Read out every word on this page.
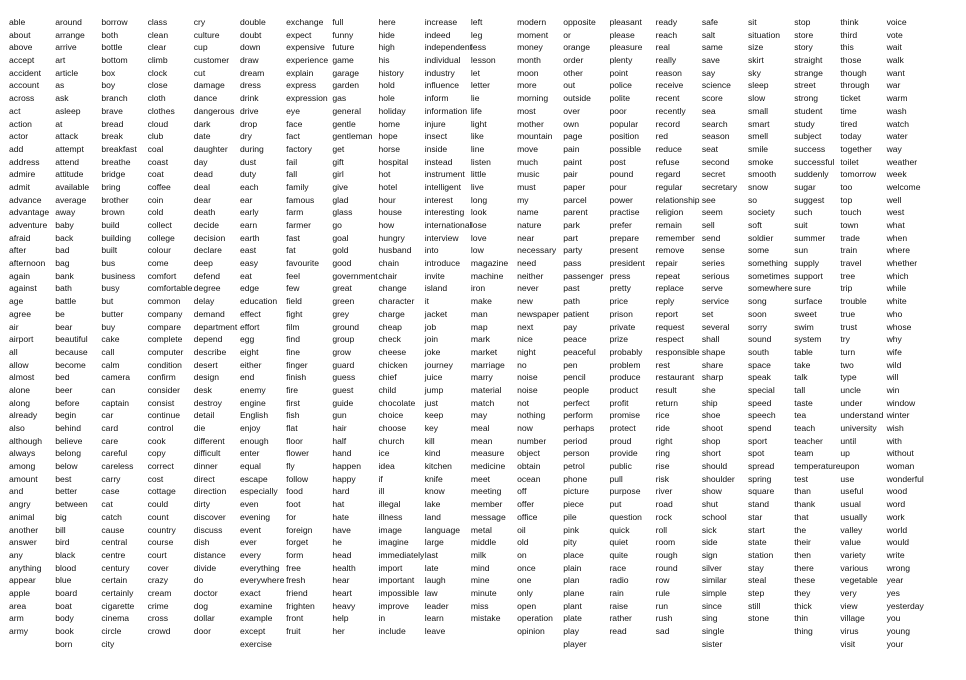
able
about
above
accept
accident
account
across
act
action
actor
add
address
admire
admit
advance
advantage
adventure
afraid
after
afternoon
again
against
age
agree
air
airport
all
allow
almost
alone
along
already
also
although
always
among
amount
and
angry
animal
another
answer
any
anything
appear
apple
area
arm
army
around
arrange
arrive
art
article
as
ask
asleep
at
attack
attempt
attend
attitude
available
average
away
baby
back
bad
bag
bank
bath
battle
be
bear
beautiful
because
become
bed
beer
before
begin
behind
believe
belong
below
best
better
between
big
bill
bird
black
blood
blue
board
boat
body
book
born
borrow
both
bottle
bottom
box
boy
branch
brave
bread
break
breakfast
breathe
bridge
bring
brother
brown
build
building
built
bus
business
busy
but
butter
buy
cake
call
calm
camera
can
captain
car
card
care
careful
careless
carry
case
cat
catch
cause
central
centre
century
certain
certainly
cigarette
cinema
circle
city
class
clean
clear
climb
clock
close
cloth
clothes
cloud
club
coal
coast
coat
coffee
coin
cold
collect
college
colour
come
comfort
comfortable
common
company
compare
complete
computer
condition
confirm
consider
consist
continue
control
cook
copy
correct
cost
cottage
could
count
country
course
court
cover
crazy
cream
crime
cross
crowd
cry
culture
cup
customer
cut
damage
dance
dangerous
dark
date
daughter
day
dead
deal
dear
death
decide
decision
declare
deep
defend
degree
delay
demand
department
depend
describe
desert
design
desk
destroy
detail
die
different
difficult
dinner
direct
direction
dirty
discover
discuss
dish
distance
divide
do
doctor
dog
dollar
door
double
doubt
down
draw
dream
dress
drink
drive
drop
dry
during
dust
duty
each
ear
early
earn
earth
east
easy
eat
edge
education
effect
effort
egg
eight
either
end
enemy
engine
English
enjoy
enough
enter
equal
escape
especially
even
evening
event
ever
every
everything
everywhere
exact
examine
example
except
exercise
exchange
expect
expensive
experience
explain
express
expression
eye
face
fact
factory
fail
fall
family
famous
farm
farmer
fast
fat
favourite
feel
few
field
fight
film
find
fine
finger
finish
fire
first
fish
flat
floor
flower
fly
follow
food
foot
for
foreign
forget
form
free
fresh
friend
frighten
front
fruit
full
funny
future
game
garage
garden
gas
general
gentle
gentleman
get
gift
girl
give
glad
glass
go
goal
gold
good
government
great
green
grey
ground
group
grow
guard
guess
guest
guide
gun
hair
half
hand
happen
happy
hard
hat
hate
have
he
head
health
hear
heart
heavy
help
her
here
hide
high
his
history
hold
hole
holiday
home
hope
horse
hospital
hot
hotel
hour
house
how
hungry
husband
chain
chair
change
character
charge
cheap
check
cheese
chicken
chief
child
chocolate
choice
choose
church
ice
idea
if
ill
illegal
illness
image
imagine
immediately
import
important
impossible
improve
in
include
increase
indeed
independent
individual
industry
influence
inform
information
injure
insect
inside
instead
instrument
intelligent
interest
interesting
international
interview
into
introduce
invite
island
it
jacket
job
join
joke
journey
juice
jump
just
keep
key
kill
kind
kitchen
knife
know
lake
land
language
large
last
late
laugh
law
leader
learn
leave
left
leg
less
lesson
let
letter
lie
life
light
like
line
listen
little
live
long
look
lose
love
low
magazine
machine
iron
make
man
map
mark
market
marriage
marry
material
match
may
meal
mean
measure
medicine
meet
meeting
member
message
metal
middle
milk
mind
mine
minute
miss
mistake
modern
moment
money
month
moon
more
morning
most
mother
mountain
move
much
music
must
my
name
nature
near
necessary
need
neither
never
new
newspaper
next
nice
night
no
noise
noise
not
nothing
now
number
object
obtain
ocean
off
offer
office
oil
old
on
once
one
only
open
operation
opinion
opposite
or
orange
order
other
out
outside
over
own
page
pain
paint
pair
paper
parcel
parent
park
part
party
pass
passenger
past
path
patient
pay
peace
peaceful
pen
pencil
people
perfect
perform
perhaps
period
person
petrol
phone
picture
piece
pile
pink
pity
place
plain
plan
plane
plant
plate
play
player
pleasant
please
pleasure
plenty
point
police
polite
poor
popular
position
possible
post
pound
pour
power
practise
prefer
prepare
present
president
press
pretty
price
prison
private
prize
probably
problem
produce
product
profit
promise
protect
proud
provide
public
pull
purpose
put
question
quick
quiet
quite
race
radio
rain
raise
rather
read
ready
reach
real
really
reason
receive
recent
recently
record
red
reduce
refuse
regard
regular
relationship
religion
remain
remember
remove
repair
repeat
replace
reply
report
request
respect
responsible
rest
restaurant
result
return
rice
ride
right
ring
rise
risk
river
road
rock
roll
room
rough
round
row
rule
run
rush
sad
safe
salt
same
save
say
science
score
sea
search
season
seat
second
secret
secretary
see
seem
sell
send
sense
series
serious
serve
service
set
several
shall
shape
share
sharp
she
ship
shoe
shoot
shop
short
should
shoulder
show
shut
school
sick
side
sign
silver
similar
simple
since
sing
single
sister
sit
situation
size
skirt
sky
sleep
slow
small
smart
smell
smile
smoke
smooth
snow
so
society
soft
soldier
some
something
sometimes
somewhere
song
soon
sorry
sound
south
space
speak
special
speed
speech
spend
sport
spot
spread
spring
square
stand
star
start
state
station
stay
steal
step
still
stone
stop
store
story
straight
strange
street
strong
student
study
subject
success
successful
suddenly
sugar
suggest
such
suit
summer
sun
supply
support
sure
surface
sweet
swim
system
table
take
talk
tall
taste
tea
teach
teacher
team
temperature
test
than
thank
that
the
their
then
there
these
they
thick
thin
thing
think
third
this
those
though
through
ticket
time
tired
today
together
toilet
tomorrow
too
top
touch
town
trade
train
travel
tree
trip
trouble
true
trust
try
turn
two
type
uncle
under
understand
university
until
up
upon
use
useful
usual
usually
valley
value
variety
various
vegetable
very
view
village
virus
visit
voice
vote
wait
walk
want
war
warm
wash
watch
water
way
weather
week
welcome
well
west
what
when
where
whether
which
while
white
who
whose
why
wife
wild
will
win
window
winter
wish
with
without
woman
wonderful
wood
word
work
world
would
write
wrong
year
yes
yesterday
you
young
your
